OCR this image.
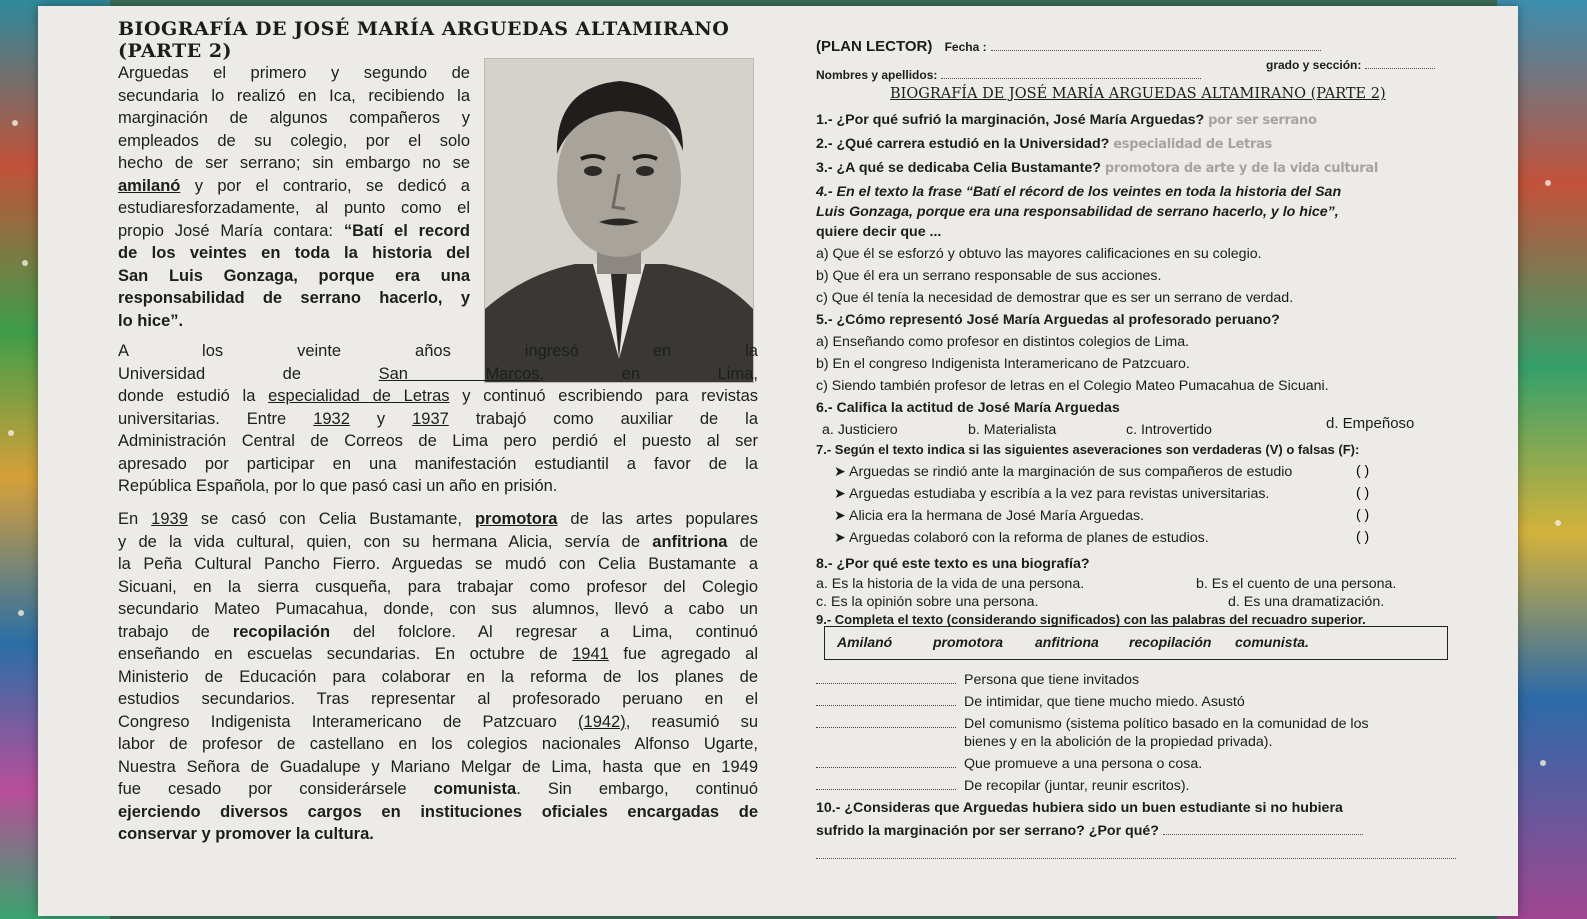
BIOGRAFÍA DE JOSÉ MARÍA ARGUEDAS ALTAMIRANO (PARTE 2)
Arguedas el primero y segundo de
secundaria lo realizó en Ica, recibiendo la
marginación de algunos compañeros y
empleados de su colegio, por el solo
hecho de ser serrano; sin embargo no se
amilanó y por el contrario, se dedicó a
estudiaresforzadamente, al punto como el
propio José María contara: “Batí el record
de los veintes en toda la historia del
San Luis Gonzaga, porque era una
responsabilidad de serrano hacerlo, y
lo hice”.
A los veinte años ingresó en la
Universidad de San Marcos, en Lima,
donde estudió la especialidad de Letras y continuó escribiendo para revistas
universitarias. Entre 1932 y 1937 trabajó como auxiliar de la
Administración Central de Correos de Lima pero perdió el puesto al ser
apresado por participar en una manifestación estudiantil a favor de la
República Española, por lo que pasó casi un año en prisión.
En 1939 se casó con Celia Bustamante, promotora de las artes populares
y de la vida cultural, quien, con su hermana Alicia, servía de anfitriona de
la Peña Cultural Pancho Fierro. Arguedas se mudó con Celia Bustamante a
Sicuani, en la sierra cusqueña, para trabajar como profesor del Colegio
secundario Mateo Pumacahua, donde, con sus alumnos, llevó a cabo un
trabajo de recopilación del folclore. Al regresar a Lima, continuó
enseñando en escuelas secundarias. En octubre de 1941 fue agregado al
Ministerio de Educación para colaborar en la reforma de los planes de
estudios secundarios. Tras representar al profesorado peruano en el
Congreso Indigenista Interamericano de Patzcuaro (1942), reasumió su
labor de profesor de castellano en los colegios nacionales Alfonso Ugarte,
Nuestra Señora de Guadalupe y Mariano Melgar de Lima, hasta que en 1949
fue cesado por considerársele comunista. Sin embargo, continuó
ejerciendo diversos cargos en instituciones oficiales encargadas de
conservar y promover la cultura.
(PLAN LECTOR) Fecha :
grado y sección:
Nombres y apellidos:
BIOGRAFÍA DE JOSÉ MARÍA ARGUEDAS ALTAMIRANO (PARTE 2)
1.- ¿Por qué sufrió la marginación, José María Arguedas? por ser serrano
2.- ¿Qué carrera estudió en la Universidad? especialidad de Letras
3.- ¿A qué se dedicaba Celia Bustamante? promotora de arte y de la vida cultural
4.- En el texto la frase “Batí el récord de los veintes en toda la historia del San
Luis Gonzaga, porque era una responsabilidad de serrano hacerlo, y lo hice”,
quiere decir que ...
a) Que él se esforzó y obtuvo las mayores calificaciones en su colegio.
b) Que él era un serrano responsable de sus acciones.
c) Que él tenía la necesidad de demostrar que es ser un serrano de verdad.
5.- ¿Cómo representó José María Arguedas al profesorado peruano?
a) Enseñando como profesor en distintos colegios de Lima.
b) En el congreso Indigenista Interamericano de Patzcuaro.
c) Siendo también profesor de letras en el Colegio Mateo Pumacahua de Sicuani.
6.- Califica la actitud de José María Arguedas
a. Justiciero	b. Materialista	c. Introvertido	d. Empeñoso
7.- Según el texto indica si las siguientes aseveraciones son verdaderas (V) o falsas (F):
➤ Arguedas se rindió ante la marginación de sus compañeros de estudio	( )
➤ Arguedas estudiaba y escribía a la vez para revistas universitarias.	( )
➤ Alicia era la hermana de José María Arguedas.	( )
➤ Arguedas colaboró con la reforma de planes de estudios.	( )
8.- ¿Por qué este texto es una biografía?
a. Es la historia de la vida de una persona.	b. Es el cuento de una persona.
c. Es la opinión sobre una persona.	d. Es una dramatización.
9.- Completa el texto (considerando significados) con las palabras del recuadro superior.
Amilanó	promotora anfitriona recopilación comunista.
Persona que tiene invitados
De intimidar, que tiene mucho miedo. Asustó
Del comunismo (sistema político basado en la comunidad de los
bienes y en la abolición de la propiedad privada).
Que promueve a una persona o cosa.
De recopilar (juntar, reunir escritos).
10.- ¿Consideras que Arguedas hubiera sido un buen estudiante si no hubiera
sufrido la marginación por ser serrano? ¿Por qué?
